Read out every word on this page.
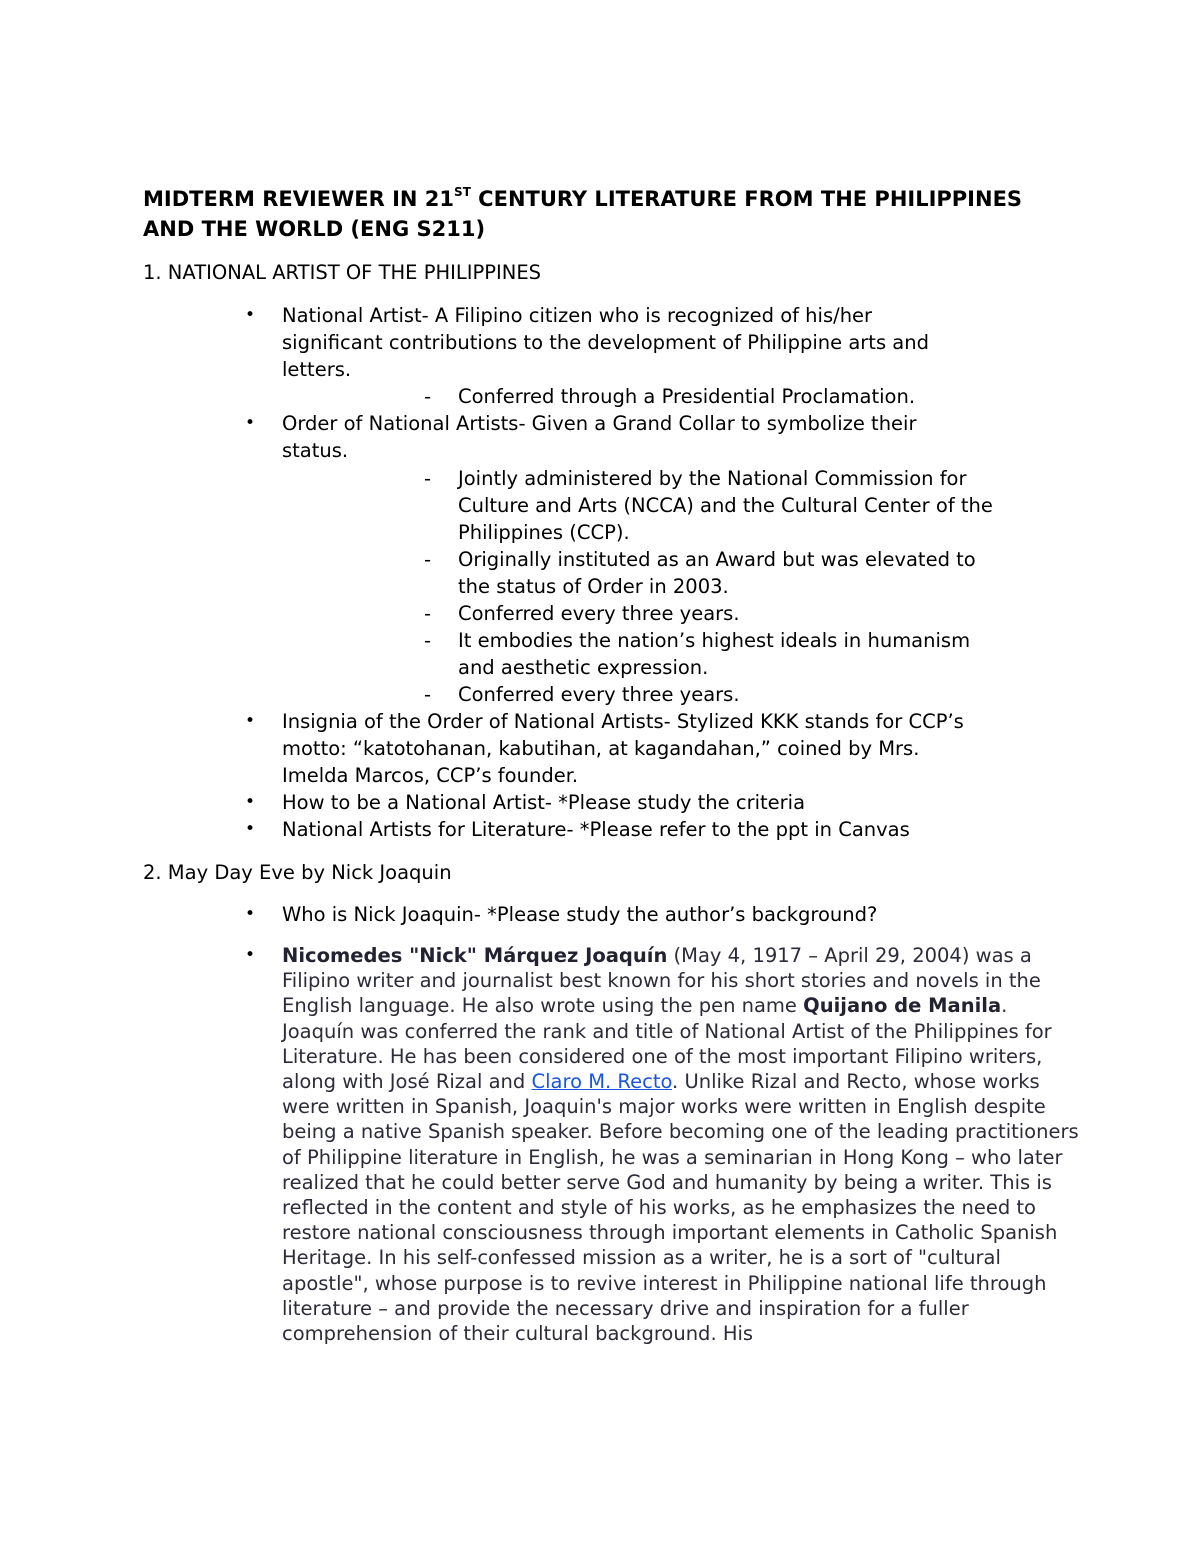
MIDTERM REVIEWER IN 21ST CENTURY LITERATURE FROM THE PHILIPPINES AND THE WORLD (ENG S211)
1. NATIONAL ARTIST OF THE PHILIPPINES
• National Artist- A Filipino citizen who is recognized of his/her
significant contributions to the development of Philippine arts and
letters.
- Conferred through a Presidential Proclamation.
• Order of National Artists- Given a Grand Collar to symbolize their
status.
- Jointly administered by the National Commission for
Culture and Arts (NCCA) and the Cultural Center of the
Philippines (CCP).
- Originally instituted as an Award but was elevated to
the status of Order in 2003.
- Conferred every three years.
- It embodies the nation’s highest ideals in humanism
and aesthetic expression.
- Conferred every three years.
• Insignia of the Order of National Artists- Stylized KKK stands for CCP’s
motto: “katotohanan, kabutihan, at kagandahan,” coined by Mrs.
Imelda Marcos, CCP’s founder.
• How to be a National Artist- *Please study the criteria
• National Artists for Literature- *Please refer to the ppt in Canvas
2. May Day Eve by Nick Joaquin
• Who is Nick Joaquin- *Please study the author’s background?
• Nicomedes "Nick" Márquez Joaquín (May 4, 1917 – April 29, 2004) was a Filipino writer and journalist best known for his short stories and novels in the English language. He also wrote using the pen name Quijano de Manila. Joaquín was conferred the rank and title of National Artist of the Philippines for Literature. He has been considered one of the most important Filipino writers, along with José Rizal and Claro M. Recto. Unlike Rizal and Recto, whose works were written in Spanish, Joaquin's major works were written in English despite being a native Spanish speaker. Before becoming one of the leading practitioners of Philippine literature in English, he was a seminarian in Hong Kong – who later realized that he could better serve God and humanity by being a writer. This is reflected in the content and style of his works, as he emphasizes the need to restore national consciousness through important elements in Catholic Spanish Heritage. In his self-confessed mission as a writer, he is a sort of "cultural apostle", whose purpose is to revive interest in Philippine national life through literature – and provide the necessary drive and inspiration for a fuller comprehension of their cultural background. His
